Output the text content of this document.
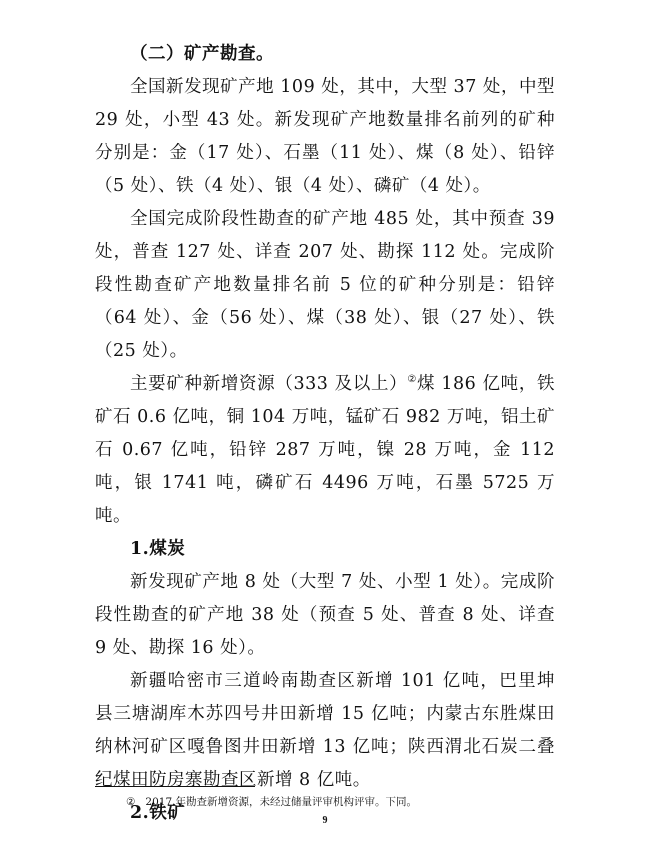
（二）矿产勘查。

全国新发现矿产地 109 处，其中，大型 37 处，中型 29 处，小型 43 处。新发现矿产地数量排名前列的矿种分别是：金（17 处）、石墨（11 处）、煤（8 处）、铅锌（5 处）、铁（4 处）、银（4 处）、磷矿（4 处）。

全国完成阶段性勘查的矿产地 485 处，其中预查 39 处，普查 127 处、详查 207 处、勘探 112 处。完成阶段性勘查矿产地数量排名前 5 位的矿种分别是：铅锌（64 处）、金（56 处）、煤（38 处）、银（27 处）、铁（25 处）。

主要矿种新增资源（333 及以上）②煤 186 亿吨，铁矿石 0.6 亿吨，铜 104 万吨，锰矿石 982 万吨，铝土矿石 0.67 亿吨，铅锌 287 万吨，镍 28 万吨，金 112 吨，银 1741 吨，磷矿石 4496 万吨，石墨 5725 万吨。

1.煤炭

新发现矿产地 8 处（大型 7 处、小型 1 处）。完成阶段性勘查的矿产地 38 处（预查 5 处、普查 8 处、详查 9 处、勘探 16 处）。

新疆哈密市三道岭南勘查区新增 101 亿吨，巴里坤县三塘湖库木苏四号井田新增 15 亿吨；内蒙古东胜煤田纳林河矿区嘎鲁图井田新增 13 亿吨；陕西渭北石炭二叠纪煤田防房寨勘查区新增 8 亿吨。

2.铁矿
② 2017 年勘查新增资源，未经过储量评审机构评审。下同。
9
